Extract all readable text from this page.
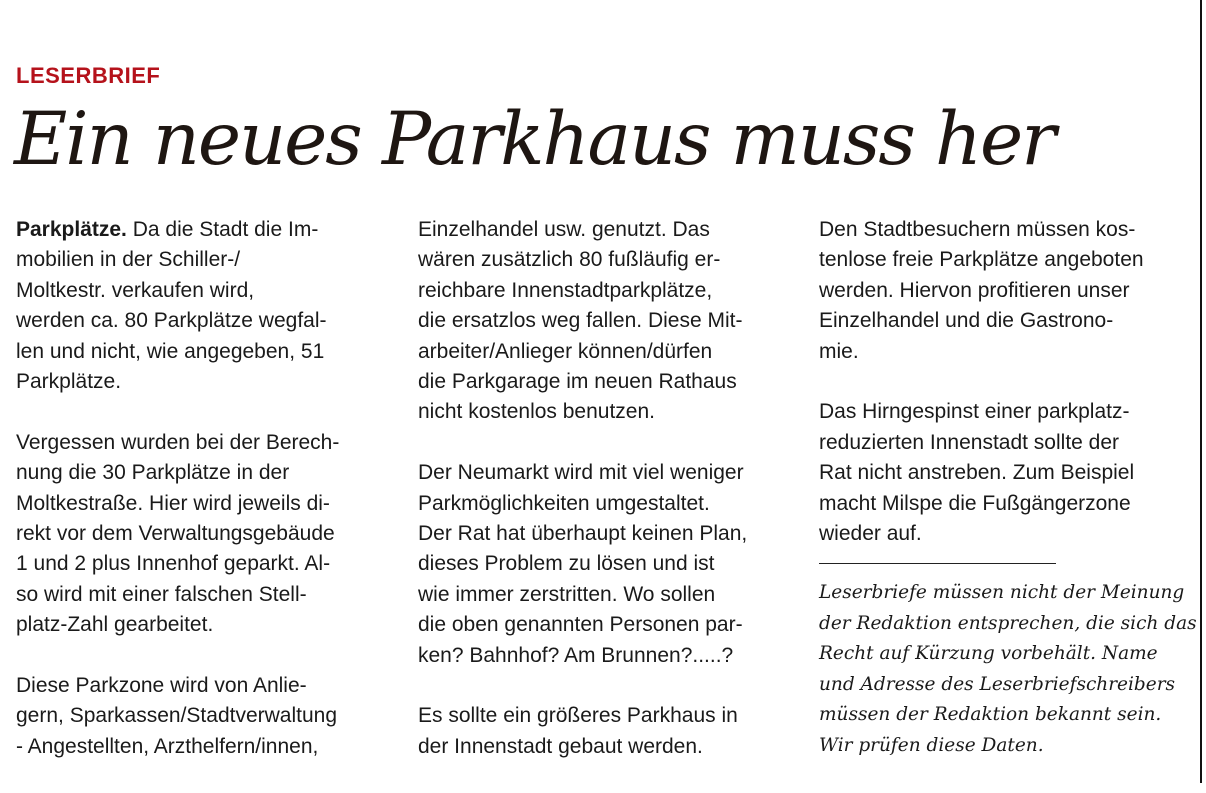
LESERBRIEF
Ein neues Parkhaus muss her

Parkplätze. Da die Stadt die Im-
mobilien in der Schiller-/
Moltkestr. verkaufen wird,
werden ca. 80 Parkplätze wegfal-
len und nicht, wie angegeben, 51
Parkplätze.

Vergessen wurden bei der Berech-
nung die 30 Parkplätze in der
Moltkestraße. Hier wird jeweils di-
rekt vor dem Verwaltungsgebäude
1 und 2 plus Innenhof geparkt. Al-
so wird mit einer falschen Stell-
platz-Zahl gearbeitet.

Diese Parkzone wird von Anlie-
gern, Sparkassen/Stadtverwaltung
- Angestellten, Arzthelfern/innen,

Einzelhandel usw. genutzt. Das
wären zusätzlich 80 fußläufig er-
reichbare Innenstadtparkplätze,
die ersatzlos weg fallen. Diese Mit-
arbeiter/Anlieger können/dürfen
die Parkgarage im neuen Rathaus
nicht kostenlos benutzen.

Der Neumarkt wird mit viel weniger
Parkmöglichkeiten umgestaltet.
Der Rat hat überhaupt keinen Plan,
dieses Problem zu lösen und ist
wie immer zerstritten. Wo sollen
die oben genannten Personen par-
ken? Bahnhof? Am Brunnen?.....?

Es sollte ein größeres Parkhaus in
der Innenstadt gebaut werden.

Den Stadtbesuchern müssen kos-
tenlose freie Parkplätze angeboten
werden. Hiervon profitieren unser
Einzelhandel und die Gastrono-
mie.

Das Hirngespinst einer parkplatz-
reduzierten Innenstadt sollte der
Rat nicht anstreben. Zum Beispiel
macht Milspe die Fußgängerzone
wieder auf.

Leserbriefe müssen nicht der Meinung
der Redaktion entsprechen, die sich das
Recht auf Kürzung vorbehält. Name
und Adresse des Leserbriefschreibers
müssen der Redaktion bekannt sein.
Wir prüfen diese Daten.
